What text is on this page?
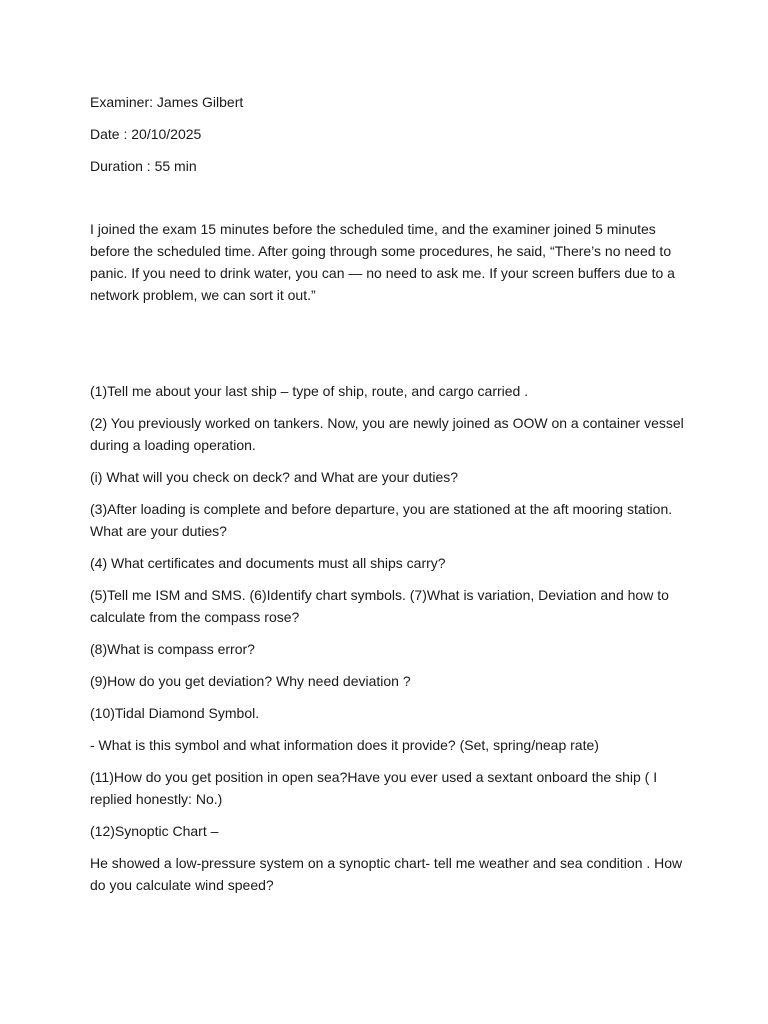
Examiner: James Gilbert

Date : 20/10/2025

Duration : 55 min

I joined the exam 15 minutes before the scheduled time, and the examiner joined 5 minutes before the scheduled time. After going through some procedures, he said, “There’s no need to panic. If you need to drink water, you can — no need to ask me. If your screen buffers due to a network problem, we can sort it out.”

(1)Tell me about your last ship – type of ship, route, and cargo carried .

(2) You previously worked on tankers. Now, you are newly joined as OOW on a container vessel during a loading operation.

(i) What will you check on deck? and What are your duties?

(3)After loading is complete and before departure, you are stationed at the aft mooring station. What are your duties?

(4) What certificates and documents must all ships carry?

(5)Tell me ISM and SMS. (6)Identify chart symbols. (7)What is variation, Deviation and how to calculate from the compass rose?

(8)What is compass error?

(9)How do you get deviation? Why need deviation ?

(10)Tidal Diamond Symbol.

- What is this symbol and what information does it provide? (Set, spring/neap rate)

(11)How do you get position in open sea?Have you ever used a sextant onboard the ship ( I replied honestly: No.)

(12)Synoptic Chart –

He showed a low-pressure system on a synoptic chart- tell me weather and sea condition . How do you calculate wind speed?
